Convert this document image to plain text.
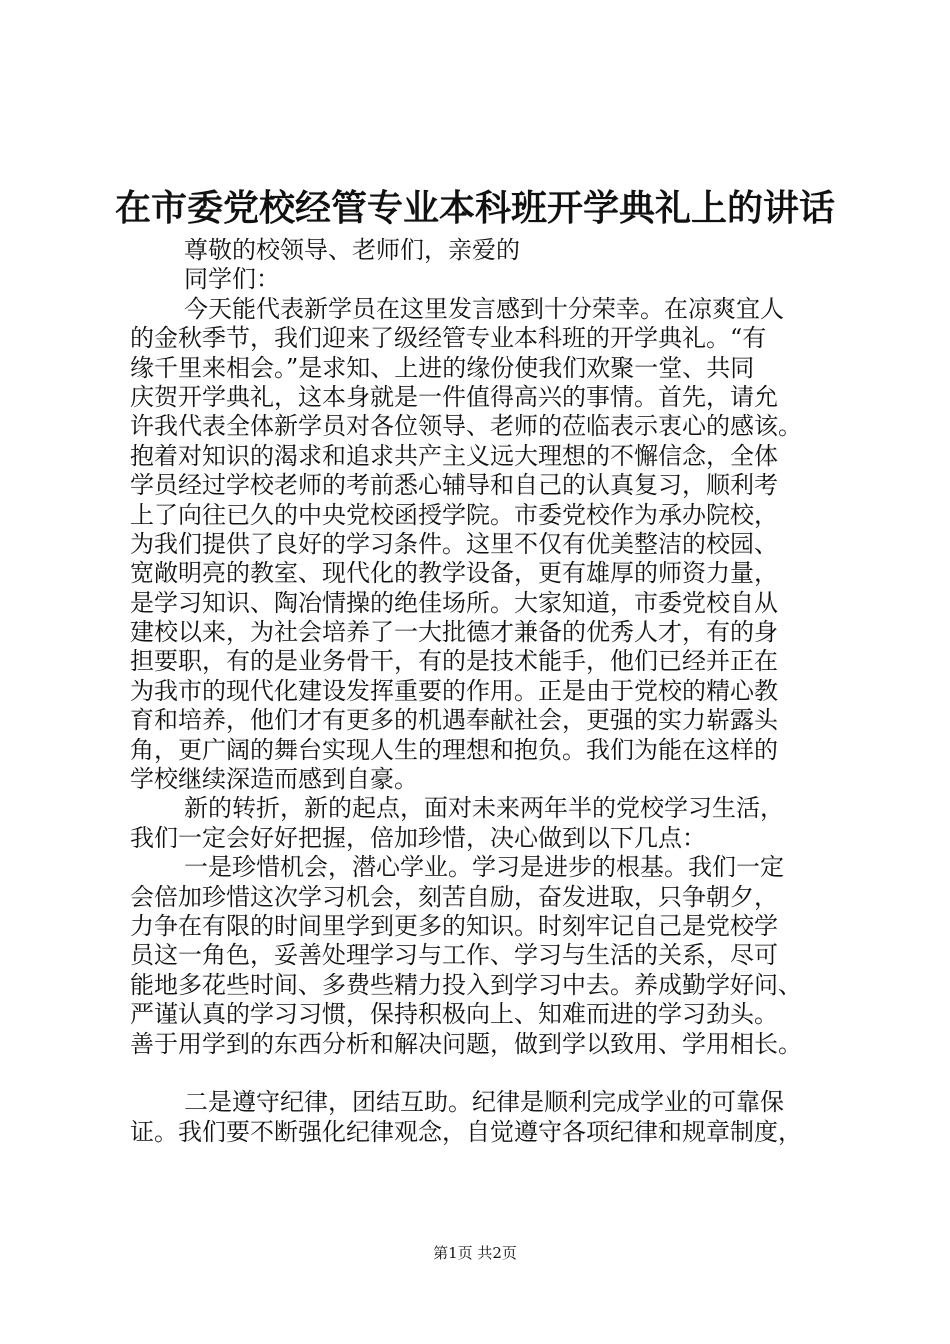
在市委党校经管专业本科班开学典礼上的讲话
尊敬的校领导、老师们，亲爱的
同学们：
今天能代表新学员在这里发言感到十分荣幸。在凉爽宜人
的金秋季节，我们迎来了级经管专业本科班的开学典礼。“有
缘千里来相会。”是求知、上进的缘份使我们欢聚一堂、共同
庆贺开学典礼，这本身就是一件值得高兴的事情。首先，请允
许我代表全体新学员对各位领导、老师的莅临表示衷心的感该。
抱着对知识的渴求和追求共产主义远大理想的不懈信念，全体
学员经过学校老师的考前悉心辅导和自己的认真复习，顺利考
上了向往已久的中央党校函授学院。市委党校作为承办院校，
为我们提供了良好的学习条件。这里不仅有优美整洁的校园、
宽敞明亮的教室、现代化的教学设备，更有雄厚的师资力量，
是学习知识、陶冶情操的绝佳场所。大家知道，市委党校自从
建校以来，为社会培养了一大批德才兼备的优秀人才，有的身
担要职，有的是业务骨干，有的是技术能手，他们已经并正在
为我市的现代化建设发挥重要的作用。正是由于党校的精心教
育和培养，他们才有更多的机遇奉献社会，更强的实力崭露头
角，更广阔的舞台实现人生的理想和抱负。我们为能在这样的
学校继续深造而感到自豪。
新的转折，新的起点，面对未来两年半的党校学习生活，
我们一定会好好把握，倍加珍惜，决心做到以下几点：
一是珍惜机会，潜心学业。学习是进步的根基。我们一定
会倍加珍惜这次学习机会，刻苦自励，奋发进取，只争朝夕，
力争在有限的时间里学到更多的知识。时刻牢记自己是党校学
员这一角色，妥善处理学习与工作、学习与生活的关系，尽可
能地多花些时间、多费些精力投入到学习中去。养成勤学好问、
严谨认真的学习习惯，保持积极向上、知难而进的学习劲头。
善于用学到的东西分析和解决问题，做到学以致用、学用相长。
二是遵守纪律，团结互助。纪律是顺利完成学业的可靠保
证。我们要不断强化纪律观念，自觉遵守各项纪律和规章制度，
第1页 共2页
